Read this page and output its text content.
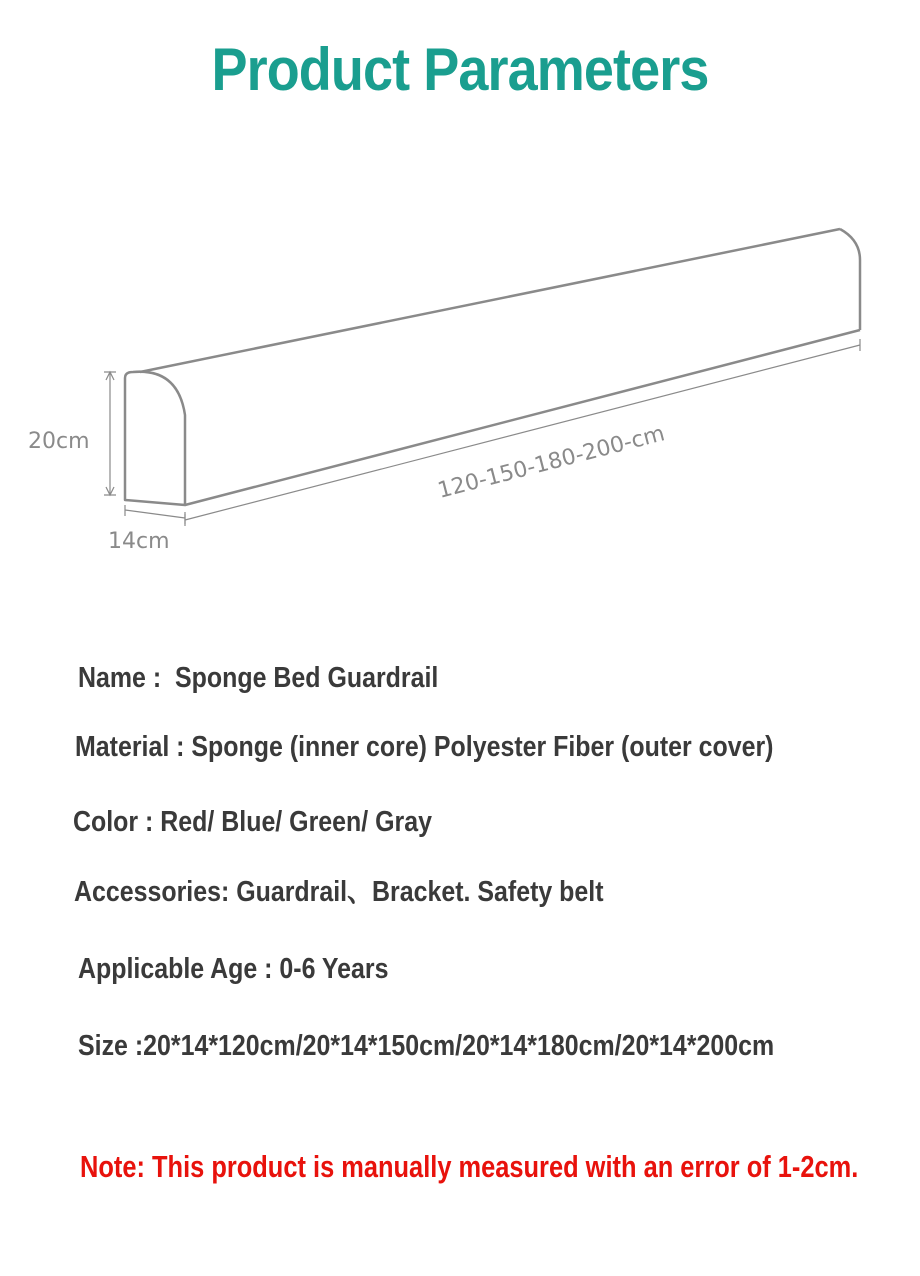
Product Parameters
20cm
14cm
120-150-180-200-cm
Name :  Sponge Bed Guardrail
Material : Sponge (inner core) Polyester Fiber (outer cover)
Color : Red/ Blue/ Green/ Gray
Accessories: Guardrail、Bracket. Safety belt
Applicable Age : 0-6 Years
Size :20*14*120cm/20*14*150cm/20*14*180cm/20*14*200cm
Note: This product is manually measured with an error of 1-2cm.
